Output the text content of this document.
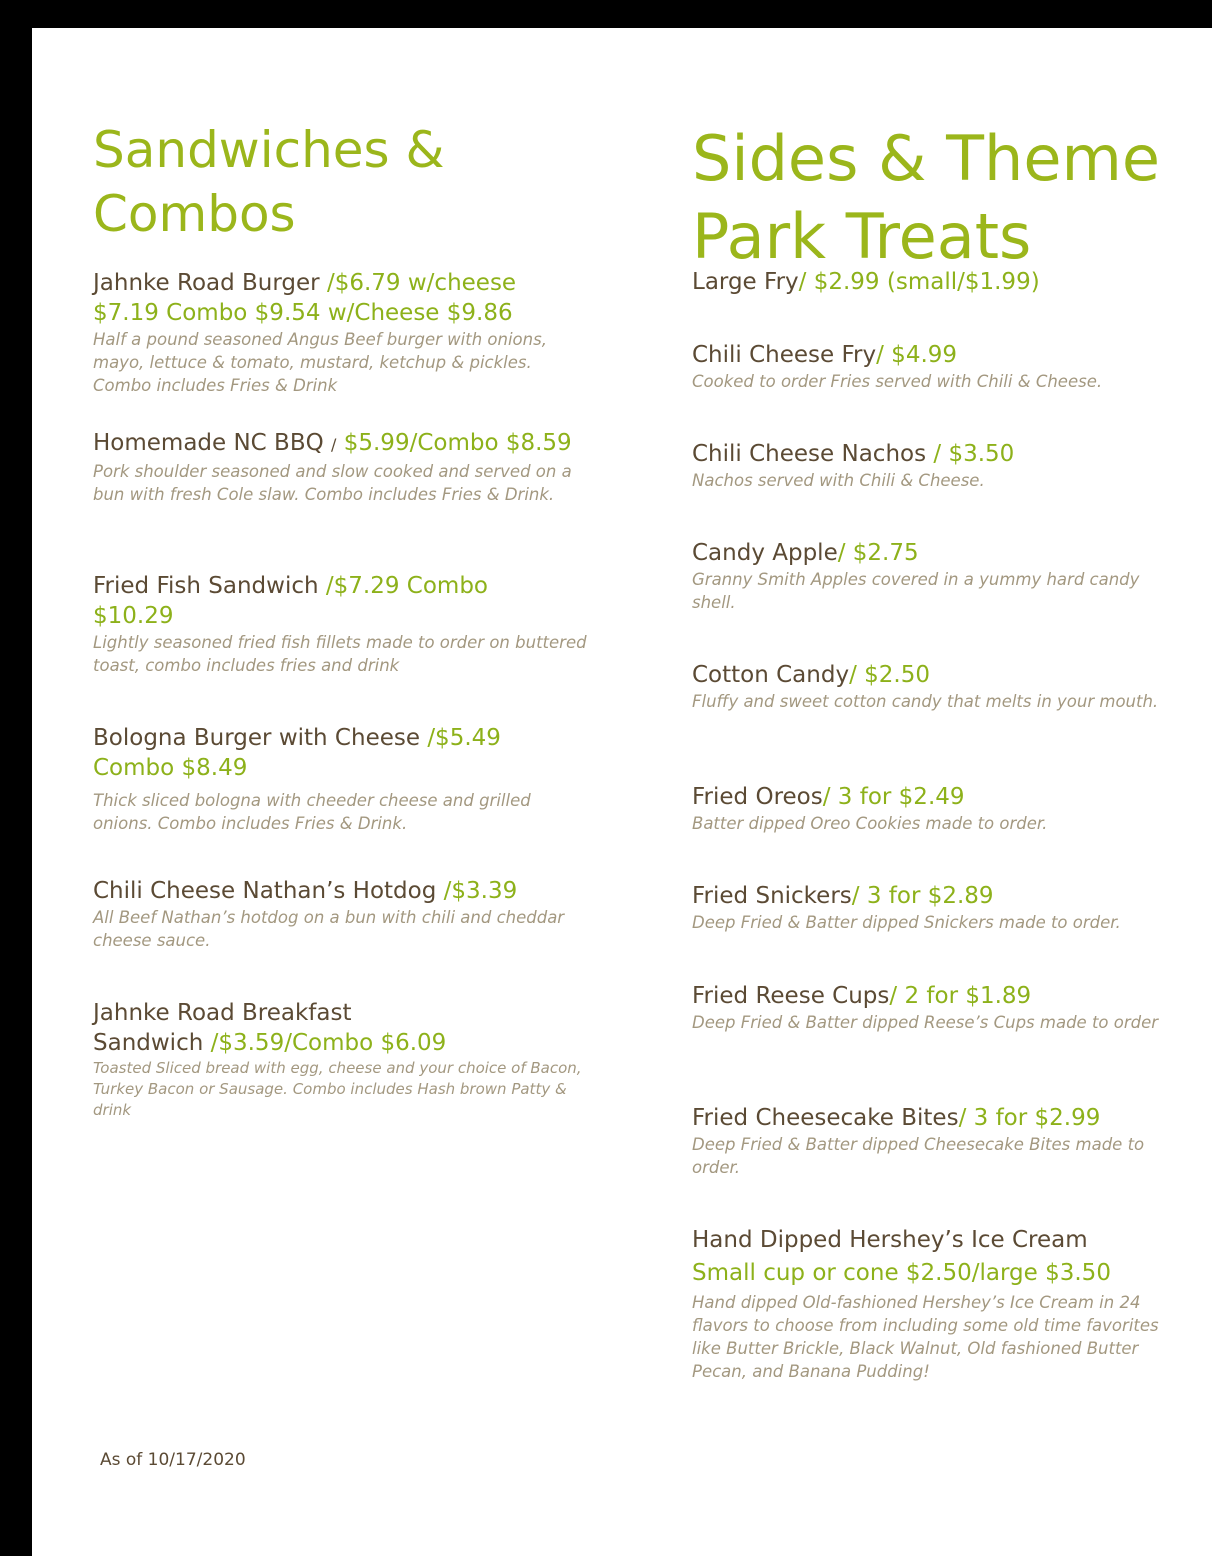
Sandwiches &
Combos

Jahnke Road Burger /$6.79 w/cheese

$7.19 Combo $9.54 w/Cheese $9.86

Half a pound seasoned Angus Beef burger with onions, mayo, lettuce & tomato, mustard, ketchup & pickles. Combo includes Fries & Drink

Homemade NC BBQ / $5.99/Combo $8.59

Pork shoulder seasoned and slow cooked and served on a bun with fresh Cole slaw. Combo includes Fries & Drink.

Fried Fish Sandwich /$7.29 Combo

$10.29

Lightly seasoned fried fish fillets made to order on buttered toast, combo includes fries and drink

Bologna Burger with Cheese /$5.49

Combo $8.49

Thick sliced bologna with cheeder cheese and grilled onions. Combo includes Fries & Drink.

Chili Cheese Nathan’s Hotdog /$3.39

All Beef Nathan’s hotdog on a bun with chili and cheddar cheese sauce.

Jahnke Road Breakfast

Sandwich /$3.59/Combo $6.09

Toasted Sliced bread with egg, cheese and your choice of Bacon, Turkey Bacon or Sausage. Combo includes Hash brown Patty & drink

Sides & Theme
Park Treats

Large Fry/ $2.99 (small/$1.99)

Chili Cheese Fry/ $4.99

Cooked to order Fries served with Chili & Cheese.

Chili Cheese Nachos / $3.50

Nachos served with Chili & Cheese.

Candy Apple/ $2.75

Granny Smith Apples covered in a yummy hard candy shell.

Cotton Candy/ $2.50

Fluffy and sweet cotton candy that melts in your mouth.

Fried Oreos/ 3 for $2.49

Batter dipped Oreo Cookies made to order.

Fried Snickers/ 3 for $2.89

Deep Fried & Batter dipped Snickers made to order.

Fried Reese Cups/ 2 for $1.89

Deep Fried & Batter dipped Reese’s Cups made to order

Fried Cheesecake Bites/ 3 for $2.99

Deep Fried & Batter dipped Cheesecake Bites made to order.

Hand Dipped Hershey’s Ice Cream

Small cup or cone $2.50/large $3.50

Hand dipped Old-fashioned Hershey’s Ice Cream in 24 flavors to choose from including some old time favorites like Butter Brickle, Black Walnut, Old fashioned Butter Pecan, and Banana Pudding!

As of 10/17/2020
